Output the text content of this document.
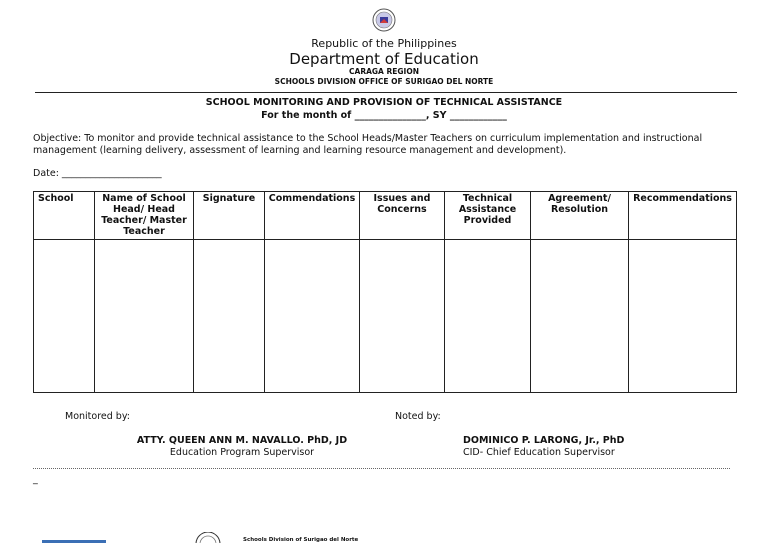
Republic of the Philippines
Department of Education
CARAGA REGION
SCHOOLS DIVISION OFFICE OF SURIGAO DEL NORTE
SCHOOL MONITORING AND PROVISION OF TECHNICAL ASSISTANCE
For the month of _______________, SY ____________
Objective: To monitor and provide technical assistance to the School Heads/Master Teachers on curriculum implementation and instructional management (learning delivery, assessment of learning and learning resource management and development).
Date: _____________________
School	Name of School Head/ Head Teacher/ Master Teacher	Signature	Commendations	Issues and Concerns	Technical Assistance Provided	Agreement/ Resolution	Recommendations

Monitored by:	Noted by:
ATTY. QUEEN ANN M. NAVALLO. PhD, JD
Education Program Supervisor
DOMINICO P. LARONG, Jr., PhD
CID- Chief Education Supervisor
_
Schools Division of Surigao del Norte
